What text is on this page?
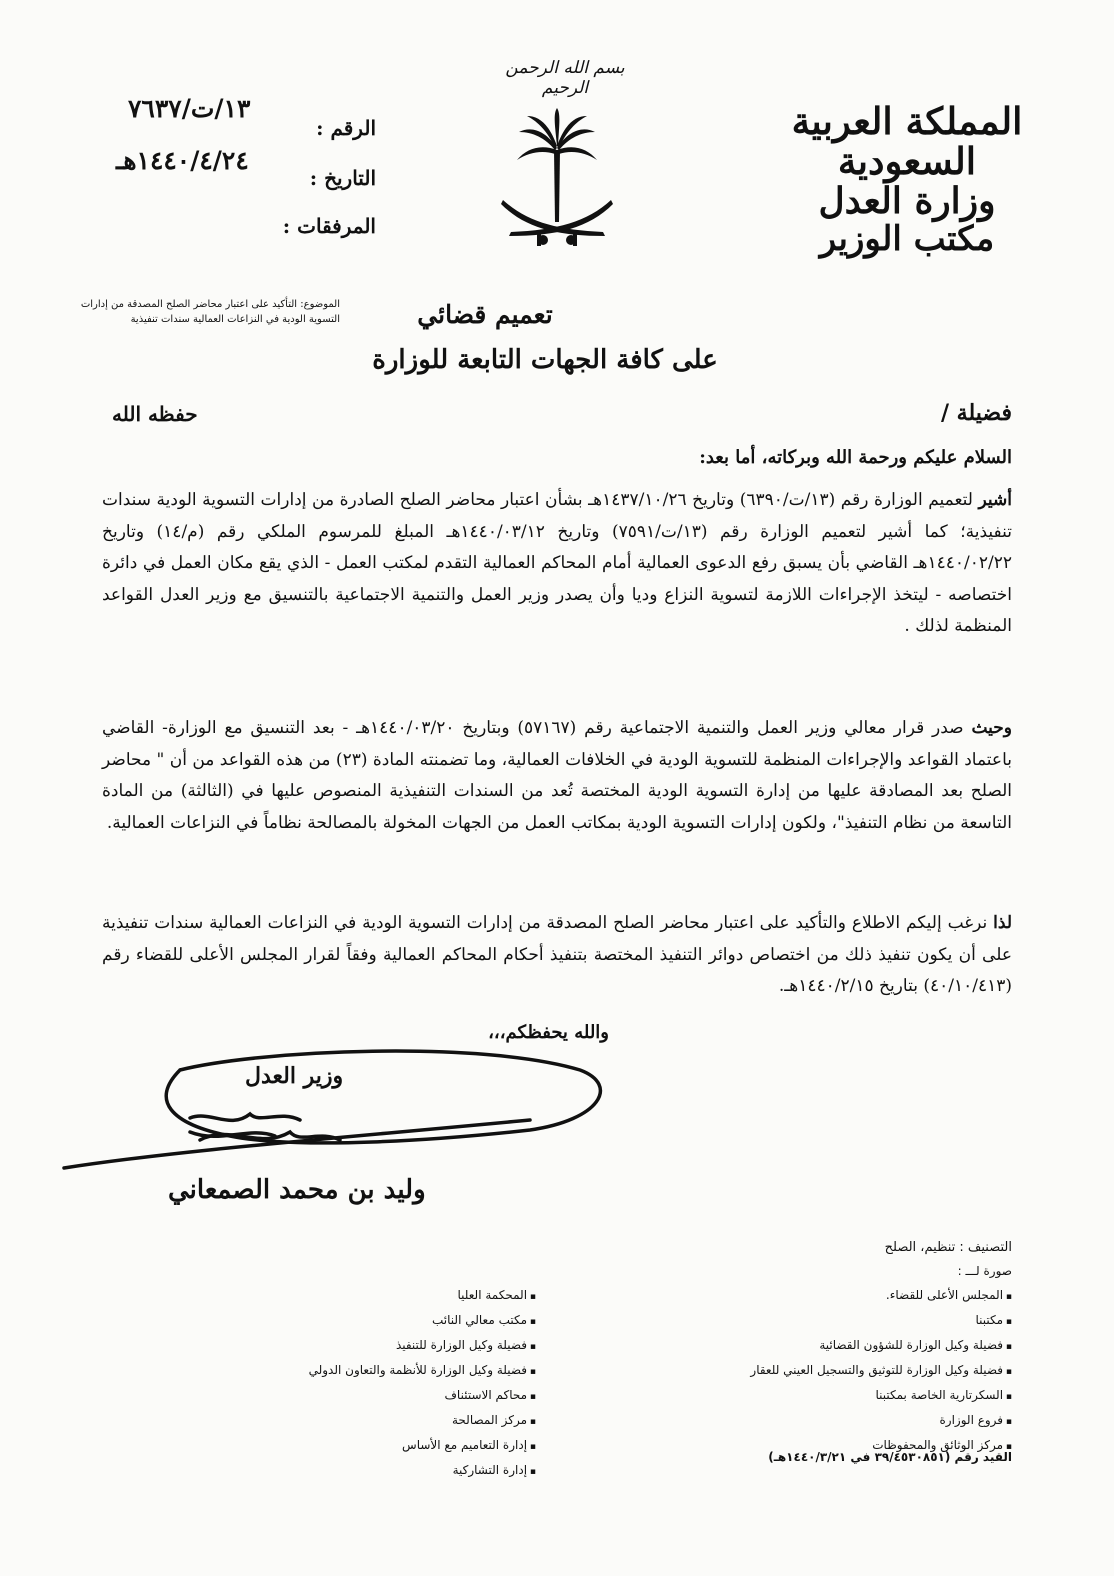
المملكة العربية السعودية
وزارة العدل
مكتب الوزير
بسم الله الرحمن الرحيم
الرقم :
١٣/ت/٧٦٣٧
التاريخ :
١٤٤٠/٤/٢٤هـ
المرفقات :
الموضوع: التأكيد على اعتبار محاضر الصلح المصدقة من إدارات
التسوية الودية في النزاعات العمالية سندات تنفيذية	تعميم قضائي
على كافة الجهات التابعة للوزارة
فضيلة /
حفظه الله
السلام عليكم ورحمة الله وبركاته، أما بعد:
أشير لتعميم الوزارة رقم (١٣/ت/٦٣٩٠) وتاريخ ١٤٣٧/١٠/٢٦هـ بشأن اعتبار محاضر الصلح الصادرة من إدارات التسوية الودية سندات تنفيذية؛ كما أشير لتعميم الوزارة رقم (١٣/ت/٧٥٩١) وتاريخ ١٤٤٠/٠٣/١٢هـ المبلغ للمرسوم الملكي رقم (م/١٤) وتاريخ ١٤٤٠/٠٢/٢٢هـ القاضي بأن يسبق رفع الدعوى العمالية أمام المحاكم العمالية التقدم لمكتب العمل - الذي يقع مكان العمل في دائرة اختصاصه - ليتخذ الإجراءات اللازمة لتسوية النزاع وديا وأن يصدر وزير العمل والتنمية الاجتماعية بالتنسيق مع وزير العدل القواعد المنظمة لذلك .
وحيث صدر قرار معالي وزير العمل والتنمية الاجتماعية رقم (٥٧١٦٧) وبتاريخ ١٤٤٠/٠٣/٢٠هـ - بعد التنسيق مع الوزارة- القاضي باعتماد القواعد والإجراءات المنظمة للتسوية الودية في الخلافات العمالية، وما تضمنته المادة (٢٣) من هذه القواعد من أن " محاضر الصلح بعد المصادقة عليها من إدارة التسوية الودية المختصة تُعد من السندات التنفيذية المنصوص عليها في (الثالثة) من المادة التاسعة من نظام التنفيذ"، ولكون إدارات التسوية الودية بمكاتب العمل من الجهات المخولة بالمصالحة نظاماً في النزاعات العمالية.
لذا نرغب إليكم الاطلاع والتأكيد على اعتبار محاضر الصلح المصدقة من إدارات التسوية الودية في النزاعات العمالية سندات تنفيذية على أن يكون تنفيذ ذلك من اختصاص دوائر التنفيذ المختصة بتنفيذ أحكام المحاكم العمالية وفقاً لقرار المجلس الأعلى للقضاء رقم (٤٠/١٠/٤١٣) بتاريخ ١٤٤٠/٢/١٥هـ.
والله يحفظكم،،،
وزير العدل
وليد بن محمد الصمعاني
التصنيف : تنظيم، الصلح
صورة لـــ :
▪ المجلس الأعلى للقضاء.
▪ مكتبنا
▪ فضيلة وكيل الوزارة للشؤون القضائية
▪ فضيلة وكيل الوزارة للتوثيق والتسجيل العيني للعقار
▪ السكرتارية الخاصة بمكتبنا
▪ فروع الوزارة
▪ مركز الوثائق والمحفوظات
▪ المحكمة العليا
▪ مكتب معالي النائب
▪ فضيلة وكيل الوزارة للتنفيذ
▪ فضيلة وكيل الوزارة للأنظمة والتعاون الدولي
▪ محاكم الاستئناف
▪ مركز المصالحة
▪ إدارة التعاميم مع الأساس
▪ إدارة التشاركية
القيد رقم (٣٩/٤٥٣٠٨٥١ في ١٤٤٠/٣/٢١هـ)
